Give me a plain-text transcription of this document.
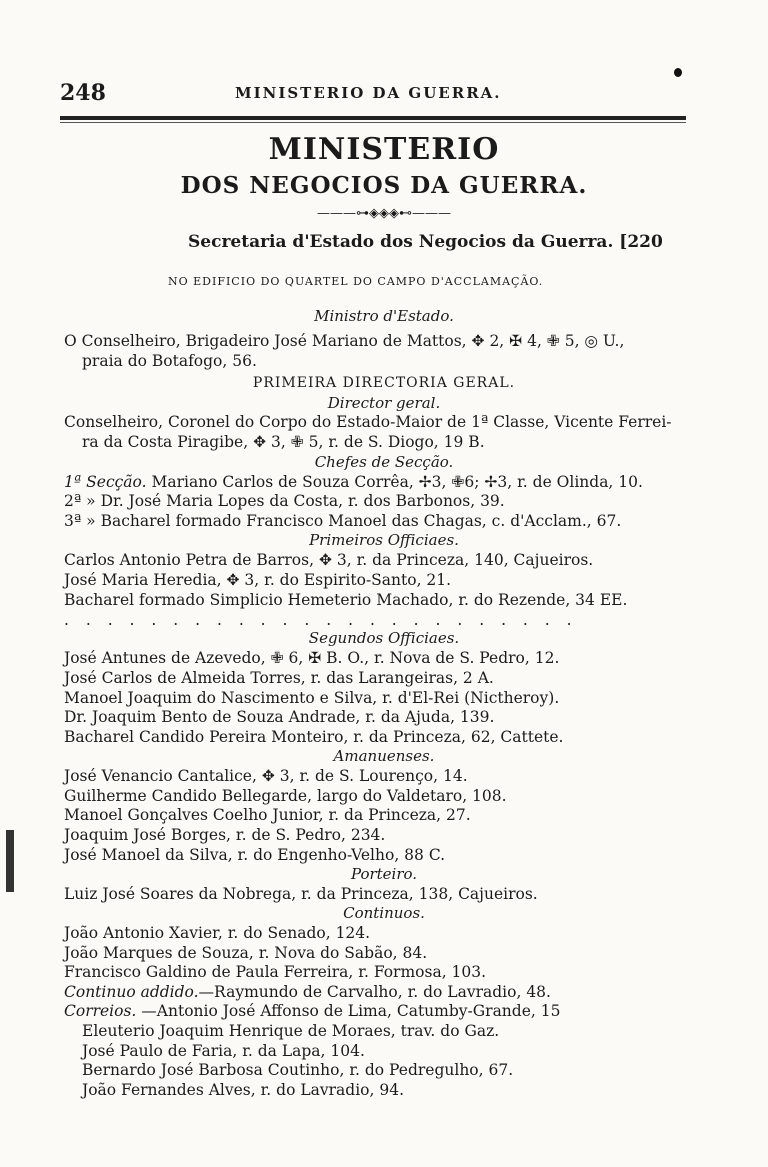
248	MINISTERIO DA GUERRA.
MINISTERIO
DOS NEGOCIOS DA GUERRA.
———⊶◈◈◈⊷———
Secretaria d'Estado dos Negocios da Guerra. [220
NO EDIFICIO DO QUARTEL DO CAMPO D'ACCLAMAÇÃO.
Ministro d'Estado.
O Conselheiro, Brigadeiro José Mariano de Mattos, ✥ 2, ✠ 4, ✙ 5, ◎ U.,
praia do Botafogo, 56.
PRIMEIRA DIRECTORIA GERAL.
Director geral.
Conselheiro, Coronel do Corpo do Estado-Maior de 1ª Classe, Vicente Ferrei-
ra da Costa Piragibe, ✥ 3, ✙ 5, r. de S. Diogo, 19 B.
Chefes de Secção.
1ª Secção. Mariano Carlos de Souza Corrêa, ✢3, ✙6; ✢3, r. de Olinda, 10.
2ª » Dr. José Maria Lopes da Costa, r. dos Barbonos, 39.
3ª » Bacharel formado Francisco Manoel das Chagas, c. d'Acclam., 67.
Primeiros Officiaes.
Carlos Antonio Petra de Barros, ✥ 3, r. da Princeza, 140, Cajueiros.
José Maria Heredia, ✥ 3, r. do Espirito-Santo, 21.
Bacharel formado Simplicio Hemeterio Machado, r. do Rezende, 34 EE.
. . . . . . . . . . . . . . . . . . . . . . . .
Segundos Officiaes.
José Antunes de Azevedo, ✙ 6, ✠ B. O., r. Nova de S. Pedro, 12.
José Carlos de Almeida Torres, r. das Larangeiras, 2 A.
Manoel Joaquim do Nascimento e Silva, r. d'El-Rei (Nictheroy).
Dr. Joaquim Bento de Souza Andrade, r. da Ajuda, 139.
Bacharel Candido Pereira Monteiro, r. da Princeza, 62, Cattete.
Amanuenses.
José Venancio Cantalice, ✥ 3, r. de S. Lourenço, 14.
Guilherme Candido Bellegarde, largo do Valdetaro, 108.
Manoel Gonçalves Coelho Junior, r. da Princeza, 27.
Joaquim José Borges, r. de S. Pedro, 234.
José Manoel da Silva, r. do Engenho-Velho, 88 C.
Porteiro.
Luiz José Soares da Nobrega, r. da Princeza, 138, Cajueiros.
Continuos.
João Antonio Xavier, r. do Senado, 124.
João Marques de Souza, r. Nova do Sabão, 84.
Francisco Galdino de Paula Ferreira, r. Formosa, 103.
Continuo addido.—Raymundo de Carvalho, r. do Lavradio, 48.
Correios. —Antonio José Affonso de Lima, Catumby-Grande, 15
Eleuterio Joaquim Henrique de Moraes, trav. do Gaz.
José Paulo de Faria, r. da Lapa, 104.
Bernardo José Barbosa Coutinho, r. do Pedregulho, 67.
João Fernandes Alves, r. do Lavradio, 94.
